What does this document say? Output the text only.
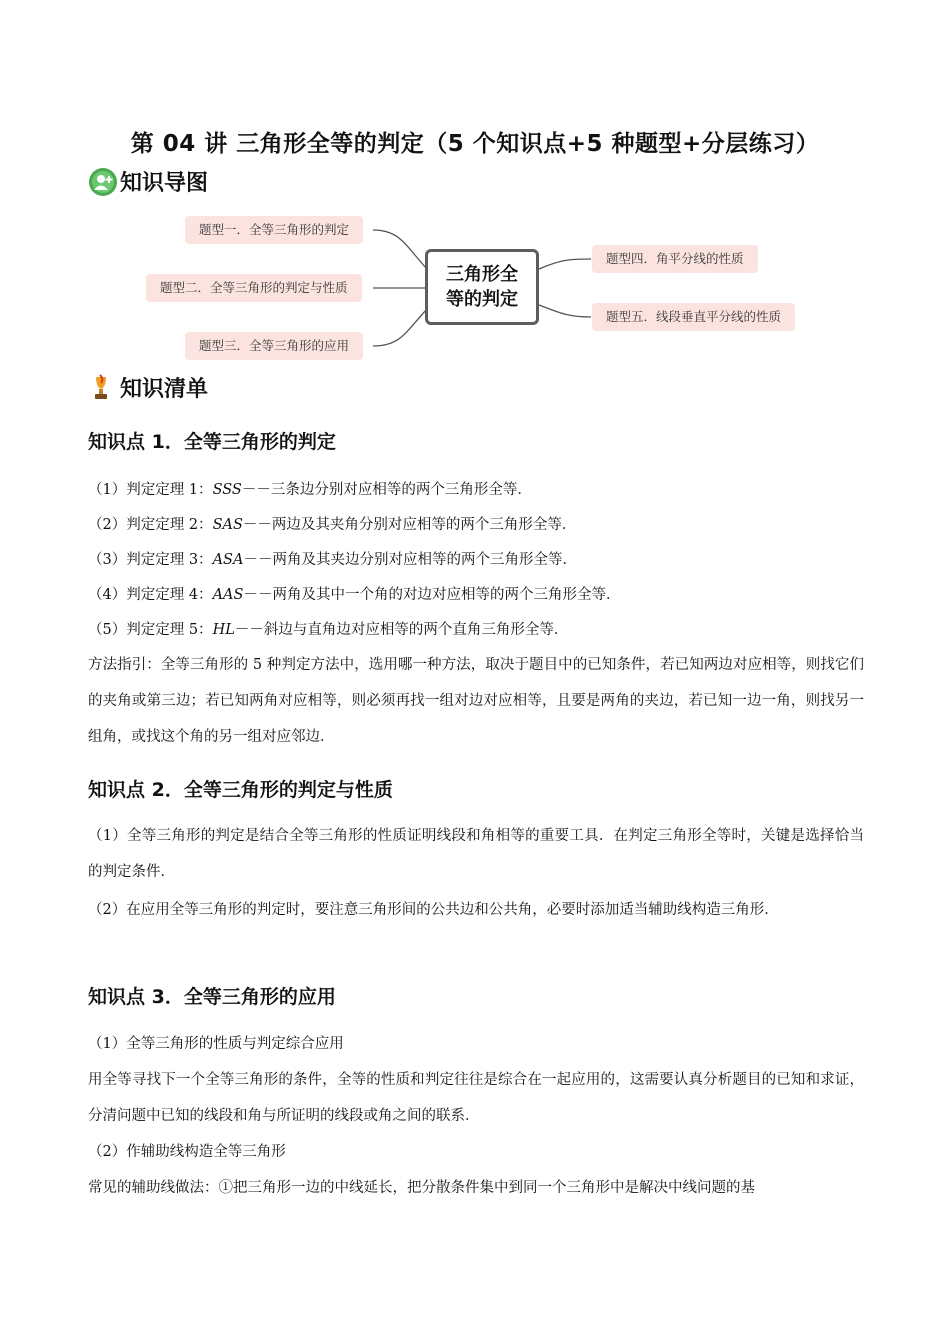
第 04 讲 三角形全等的判定（5 个知识点+5 种题型+分层练习）
知识导图
题型一．全等三角形的判定
题型二．全等三角形的判定与性质
题型三．全等三角形的应用
题型四．角平分线的性质
题型五．线段垂直平分线的性质
三角形全等的判定
知识清单
知识点 1．全等三角形的判定
（1）判定定理 1：SSS－－三条边分别对应相等的两个三角形全等．
（2）判定定理 2：SAS－－两边及其夹角分别对应相等的两个三角形全等．
（3）判定定理 3：ASA－－两角及其夹边分别对应相等的两个三角形全等．
（4）判定定理 4：AAS－－两角及其中一个角的对边对应相等的两个三角形全等．
（5）判定定理 5：HL－－斜边与直角边对应相等的两个直角三角形全等．
方法指引：全等三角形的 5 种判定方法中，选用哪一种方法，取决于题目中的已知条件，若已知两边对应相等，则找它们的夹角或第三边；若已知两角对应相等，则必须再找一组对边对应相等，且要是两角的夹边，若已知一边一角，则找另一组角，或找这个角的另一组对应邻边．
知识点 2．全等三角形的判定与性质
（1）全等三角形的判定是结合全等三角形的性质证明线段和角相等的重要工具．在判定三角形全等时，关键是选择恰当的判定条件．
（2）在应用全等三角形的判定时，要注意三角形间的公共边和公共角，必要时添加适当辅助线构造三角形．
知识点 3．全等三角形的应用
（1）全等三角形的性质与判定综合应用
用全等寻找下一个全等三角形的条件，全等的性质和判定往往是综合在一起应用的，这需要认真分析题目的已知和求证，分清问题中已知的线段和角与所证明的线段或角之间的联系．
（2）作辅助线构造全等三角形
常见的辅助线做法：①把三角形一边的中线延长，把分散条件集中到同一个三角形中是解决中线问题的基
